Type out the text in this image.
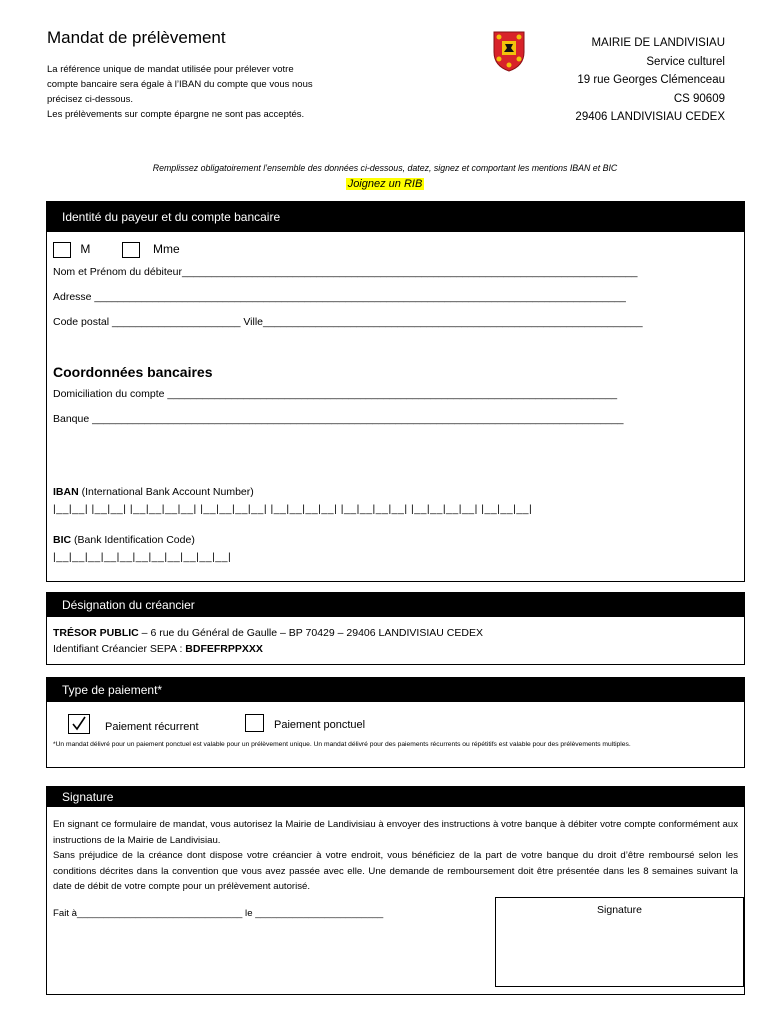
Mandat de prélèvement

La référence unique de mandat utilisée pour prélever votre

compte bancaire sera égale à l’IBAN du compte que vous nous

précisez ci-dessous.

Les prélèvements sur compte épargne ne sont pas acceptés.

MAIRIE DE LANDIVISIAU
Service culturel
19 rue Georges Clémenceau
CS 90609
29406 LANDIVISIAU CEDEX
Remplissez obligatoirement l’ensemble des données ci-dessous, datez, signez et comportant les mentions IBAN et BIC
Joignez un RIB
Identité du payeur et du compte bancaire
M	Mme
Nom et Prénom du débiteur______________________________________________________________________________
Adresse ___________________________________________________________________________________________
Code postal ______________________ Ville_________________________________________________________________
Coordonnées bancaires
Domiciliation du compte _____________________________________________________________________________
Banque ___________________________________________________________________________________________
IBAN (International Bank Account Number)
|__|__| |__|__| |__|__|__|__| |__|__|__|__| |__|__|__|__| |__|__|__|__| |__|__|__|__| |__|__|__|
BIC (Bank Identification Code)
|__|__|__|__|__|__|__|__|__|__|__|
Désignation du créancier
TRÉSOR PUBLIC – 6 rue du Général de Gaulle – BP 70429 – 29406 LANDIVISIAU CEDEX
Identifiant Créancier SEPA : BDFEFRPPXXX
Type de paiement*
Paiement récurrent	Paiement ponctuel
*Un mandat délivré pour un paiement ponctuel est valable pour un prélèvement unique. Un mandat délivré pour des paiements récurrents ou répétitifs est valable pour des prélèvements multiples.
Signature
En signant ce formulaire de mandat, vous autorisez la Mairie de Landivisiau à envoyer des instructions à votre banque à débiter votre compte conformément aux instructions de la Mairie de Landivisiau.
Sans préjudice de la créance dont dispose votre créancier à votre endroit, vous bénéficiez de la part de votre banque du droit d’être remboursé selon les conditions décrites dans la convention que vous avez passée avec elle. Une demande de remboursement doit être présentée dans les 8 semaines suivant la date de débit de votre compte pour un prélèvement autorisé.
Fait à_______________________________ le ________________________	Signature
